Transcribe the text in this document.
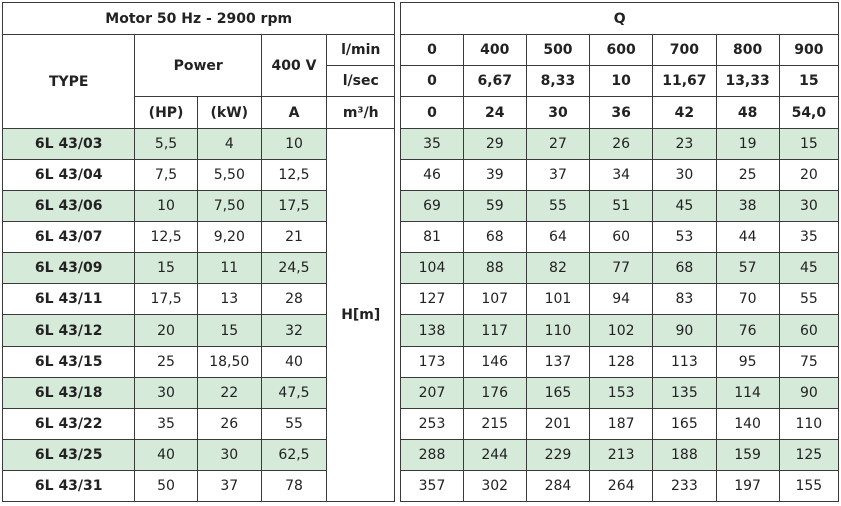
Motor 50 Hz - 2900 rpm						Q						
TYPE	Power		400 V	l/min		0	400	500	600	700	800	900
				l/sec		0	6,67	8,33	10	11,67	13,33	15
	(HP)	(kW)	A	m³/h		0	24	30	36	42	48	54,0
6L 43/03	5,5	4	10	H[m]		35	29	27	26	23	19	15
6L 43/04	7,5	5,50	12,5			46	39	37	34	30	25	20
6L 43/06	10	7,50	17,5			69	59	55	51	45	38	30
6L 43/07	12,5	9,20	21			81	68	64	60	53	44	35
6L 43/09	15	11	24,5			104	88	82	77	68	57	45
6L 43/11	17,5	13	28			127	107	101	94	83	70	55
6L 43/12	20	15	32			138	117	110	102	90	76	60
6L 43/15	25	18,50	40			173	146	137	128	113	95	75
6L 43/18	30	22	47,5			207	176	165	153	135	114	90
6L 43/22	35	26	55			253	215	201	187	165	140	110
6L 43/25	40	30	62,5			288	244	229	213	188	159	125
6L 43/31	50	37	78			357	302	284	264	233	197	155
